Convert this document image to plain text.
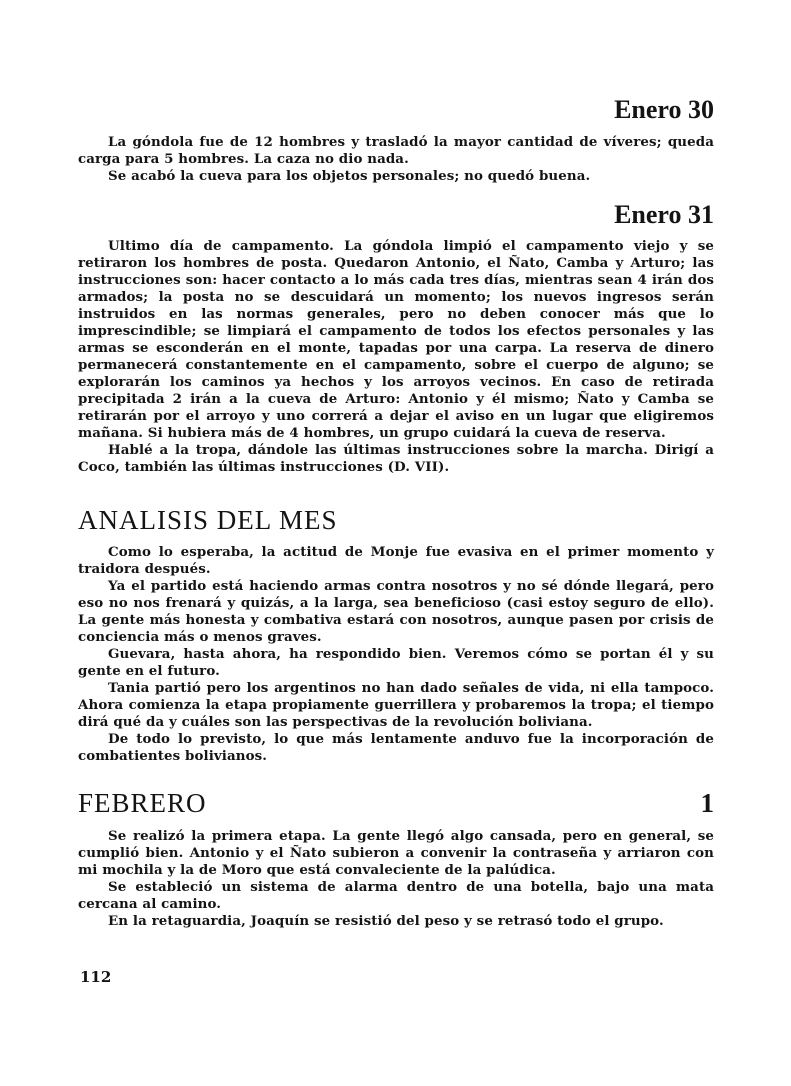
Enero 30

La góndola fue de 12 hombres y trasladó la mayor cantidad de víveres; queda carga para 5 hombres. La caza no dio nada.

Se acabó la cueva para los objetos personales; no quedó buena.

Enero 31

Ultimo día de campamento. La góndola limpió el campamento viejo y se retiraron los hombres de posta. Quedaron Antonio, el Ñato, Camba y Arturo; las instrucciones son: hacer contacto a lo más cada tres días, mientras sean 4 irán dos armados; la posta no se descuidará un momento; los nuevos ingresos serán instruidos en las normas generales, pero no deben conocer más que lo imprescindible; se limpiará el campamento de todos los efectos personales y las armas se esconderán en el monte, tapadas por una carpa. La reserva de dinero permanecerá constantemente en el campamento, sobre el cuerpo de alguno; se explorarán los caminos ya hechos y los arroyos vecinos. En caso de retirada precipitada 2 irán a la cueva de Arturo: Antonio y él mismo; Ñato y Camba se retirarán por el arroyo y uno correrá a dejar el aviso en un lugar que eligiremos mañana. Si hubiera más de 4 hombres, un grupo cuidará la cueva de reserva.

Hablé a la tropa, dándole las últimas instrucciones sobre la marcha. Dirigí a Coco, también las últimas instrucciones (D. VII).

ANALISIS DEL MES

Como lo esperaba, la actitud de Monje fue evasiva en el primer momento y traidora después.

Ya el partido está haciendo armas contra nosotros y no sé dónde llegará, pero eso no nos frenará y quizás, a la larga, sea beneficioso (casi estoy seguro de ello). La gente más honesta y combativa estará con nosotros, aunque pasen por crisis de conciencia más o menos graves.

Guevara, hasta ahora, ha respondido bien. Veremos cómo se portan él y su gente en el futuro.

Tania partió pero los argentinos no han dado señales de vida, ni ella tampoco. Ahora comienza la etapa propiamente guerrillera y probaremos la tropa; el tiempo dirá qué da y cuáles son las perspectivas de la revolución boliviana.

De todo lo previsto, lo que más lentamente anduvo fue la incorporación de combatientes bolivianos.

FEBRERO	1

Se realizó la primera etapa. La gente llegó algo cansada, pero en general, se cumplió bien. Antonio y el Ñato subieron a convenir la contraseña y arriaron con mi mochila y la de Moro que está convaleciente de la palúdica.

Se estableció un sistema de alarma dentro de una botella, bajo una mata cercana al camino.

En la retaguardia, Joaquín se resistió del peso y se retrasó todo el grupo.

112
